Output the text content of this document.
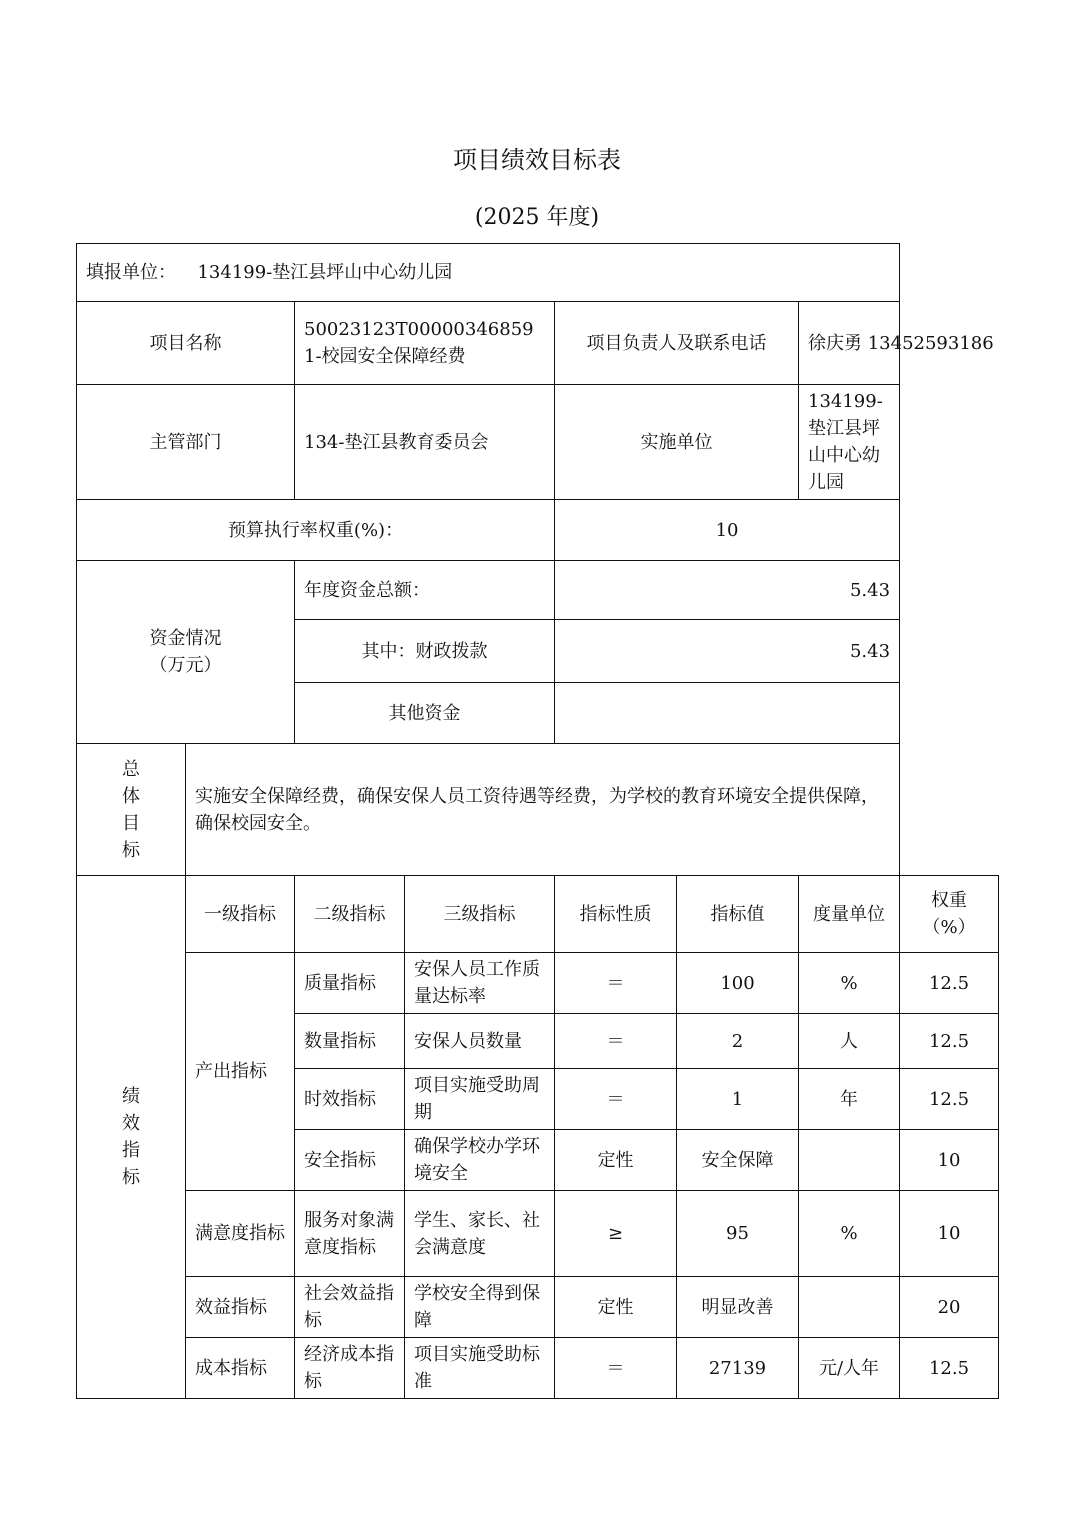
项目绩效目标表
(2025 年度)
填报单位： 134199-垫江县坪山中心幼儿园							
项目名称		50023123T000003468591-校园安全保障经费		项目负责人及联系电话		徐庆勇 13452593186	
主管部门		134-垫江县教育委员会		实施单位		134199-垫江县坪山中心幼儿园	
预算执行率权重(%)：				10			

资金情况
（万元）		年度资金总额：		5.43			
		其中：财政拨款		5.43			
		其他资金					

总
体
目
标	实施安全保障经费，确保安保人员工资待遇等经费，为学校的教育环境安全提供保障，确保校园安全。						

绩
效
指
标	一级指标	二级指标	三级指标	指标性质	指标值	度量单位	权重（%）
	产出指标	质量指标	安保人员工作质量达标率	＝	100	%	12.5
		数量指标	安保人员数量	＝	2	人	12.5
		时效指标	项目实施受助周期	＝	1	年	12.5
		安全指标	确保学校办学环境安全	定性	安全保障		10
	满意度指标	服务对象满意度指标	学生、家长、社会满意度	≥	95	%	10
	效益指标	社会效益指标	学校安全得到保障	定性	明显改善		20
	成本指标	经济成本指标	项目实施受助标准	＝	27139	元/人年	12.5
